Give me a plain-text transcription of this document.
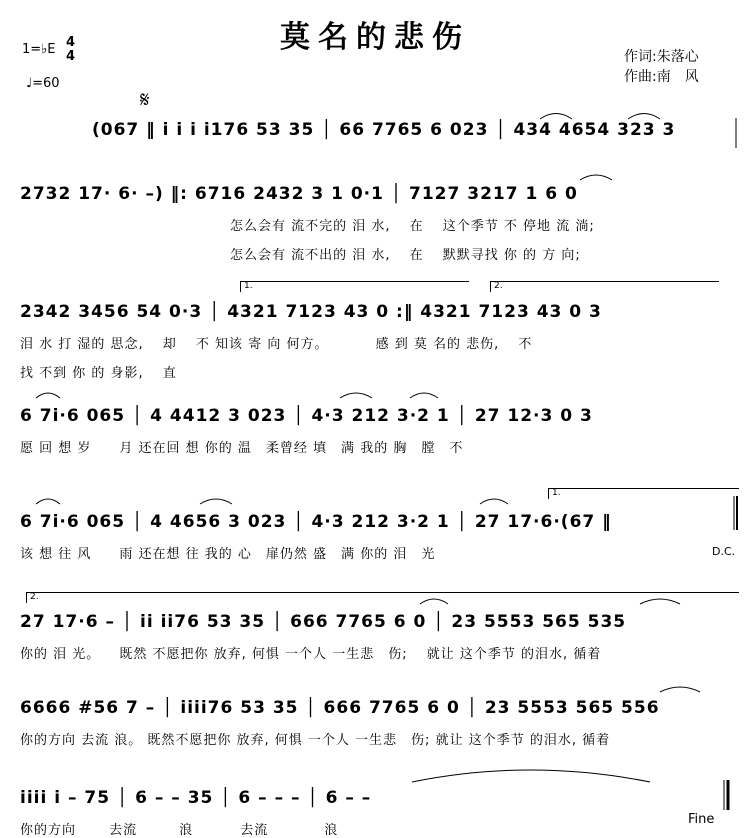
莫名的悲伤
1=♭E 4
4
♩=60
作词:朱落心
作曲:南　风
𝄋
(067 ‖ i i i i176 53 35 │ 66 7765 6 023 │ 434 4654 323 3
2732 17· 6· –) ‖: 6716 2432 3 1 0·1 │ 7127 3217 1 6 0
怎么会有 流不完的 泪 水, 　在　 这个季节 不 停地 流 淌;
怎么会有 流不出的 泪 水, 　在　 默默寻找 你 的 方 向;
1.	2.
2342 3456 54 0·3 │ 4321 7123 43 0 :‖ 4321 7123 43 0 3
泪 水 打 湿的 思念, 　却　 不 知该 寄 向 何方。 　　　感 到 莫 名的 悲伤, 　不
找 不到 你 的 身影, 　直
6 7i·6 065 │ 4 4412 3 023 │ 4·3 212 3·2 1 │ 27 12·3 0 3
愿 回 想 岁　　月 还在回 想 你的 温　柔曾经 填　满 我的 胸　膛　不
1.
6 7i·6 065 │ 4 4656 3 023 │ 4·3 212 3·2 1 │ 27 17·6·(67 ‖
该 想 往 风　　雨 还在想 往 我的 心　扉仍然 盛　满 你的 泪　光	D.C.
2.
27 17·6 – │ ii ii76 53 35 │ 666 7765 6 0 │ 23 5553 565 535
你的 泪 光。 　既然 不愿把你 放弃, 何惧 一个人 一生悲　伤; 　就让 这个季节 的泪水, 循着
6666 #56 7 – │ iiii76 53 35 │ 666 7765 6 0 │ 23 5553 565 556
你的方向 去流 浪。 既然不愿把你 放弃, 何惧 一个人 一生悲　伤; 就让 这个季节 的泪水, 循着
iiii i – 75 │ 6 – – 35 │ 6 – – – │ 6 – –
你的方向　　 去流　　　浪　　　 去流　　　　浪
Fine
